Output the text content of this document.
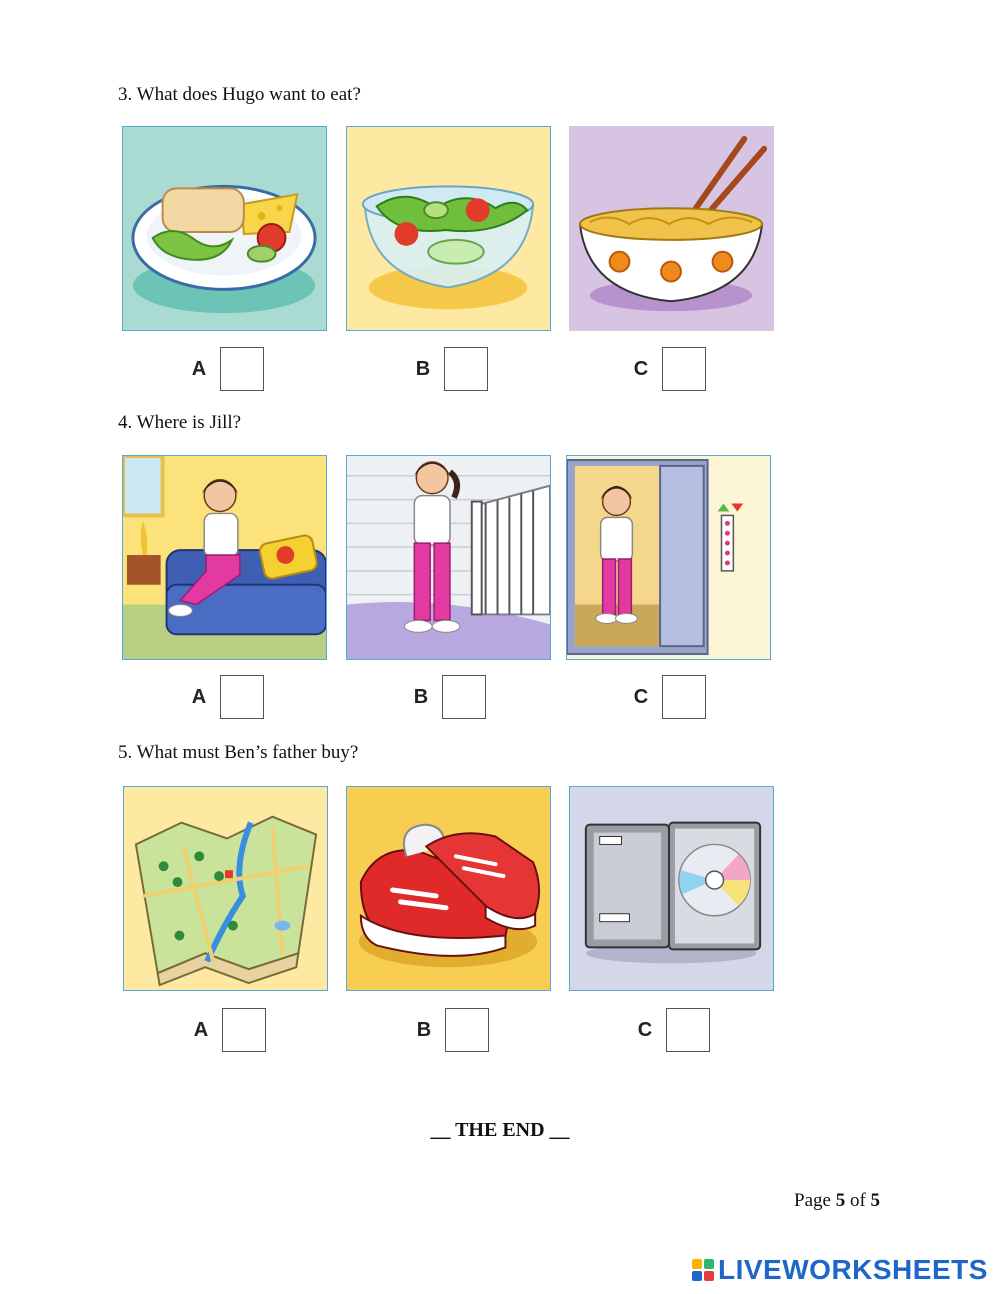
3. What does Hugo want to eat?
A	B	C
4. Where is Jill?
A	B	C
5. What must Ben’s father buy?
A	B	C
__ THE END __
Page 5 of 5
LIVEWORKSHEETS
